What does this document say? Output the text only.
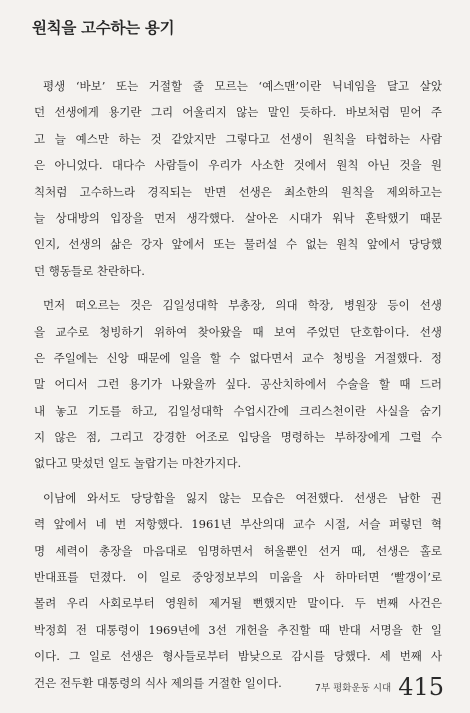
원칙을 고수하는 용기
평생 ‘바보’ 또는 거절할 줄 모르는 ‘예스맨’이란 닉네임을 달고 살았
던 선생에게 용기란 그리 어울리지 않는 말인 듯하다. 바보처럼 믿어 주
고 늘 예스만 하는 것 같았지만 그렇다고 선생이 원칙을 타협하는 사람
은 아니었다. 대다수 사람들이 우리가 사소한 것에서 원칙 아닌 것을 원
칙처럼 고수하느라 경직되는 반면 선생은 최소한의 원칙을 제외하고는
늘 상대방의 입장을 먼저 생각했다. 살아온 시대가 워낙 혼탁했기 때문
인지, 선생의 삶은 강자 앞에서 또는 물러설 수 없는 원칙 앞에서 당당했
던 행동들로 찬란하다.
먼저 떠오르는 것은 김일성대학 부총장, 의대 학장, 병원장 등이 선생
을 교수로 청빙하기 위하여 찾아왔을 때 보여 주었던 단호함이다. 선생
은 주일에는 신앙 때문에 일을 할 수 없다면서 교수 청빙을 거절했다. 정
말 어디서 그런 용기가 나왔을까 싶다. 공산치하에서 수술을 할 때 드러
내 놓고 기도를 하고, 김일성대학 수업시간에 크리스천이란 사실을 숨기
지 않은 점, 그리고 강경한 어조로 입당을 명령하는 부하장에게 그럴 수
없다고 맞섰던 일도 놀랍기는 마찬가지다.
이남에 와서도 당당함을 잃지 않는 모습은 여전했다. 선생은 남한 권
력 앞에서 네 번 저항했다. 1961년 부산의대 교수 시절, 서슬 퍼렇던 혁
명 세력이 총장을 마음대로 임명하면서 허울뿐인 선거 때, 선생은 홀로
반대표를 던졌다. 이 일로 중앙정보부의 미움을 사 하마터면 ‘빨갱이’로
몰려 우리 사회로부터 영원히 제거될 뻔했지만 말이다. 두 번째 사건은
박정희 전 대통령이 1969년에 3선 개헌을 추진할 때 반대 서명을 한 일
이다. 그 일로 선생은 형사들로부터 밤낮으로 감시를 당했다. 세 번째 사
건은 전두환 대통령의 식사 제의를 거절한 일이다.	7부 평화운동 시대 415
